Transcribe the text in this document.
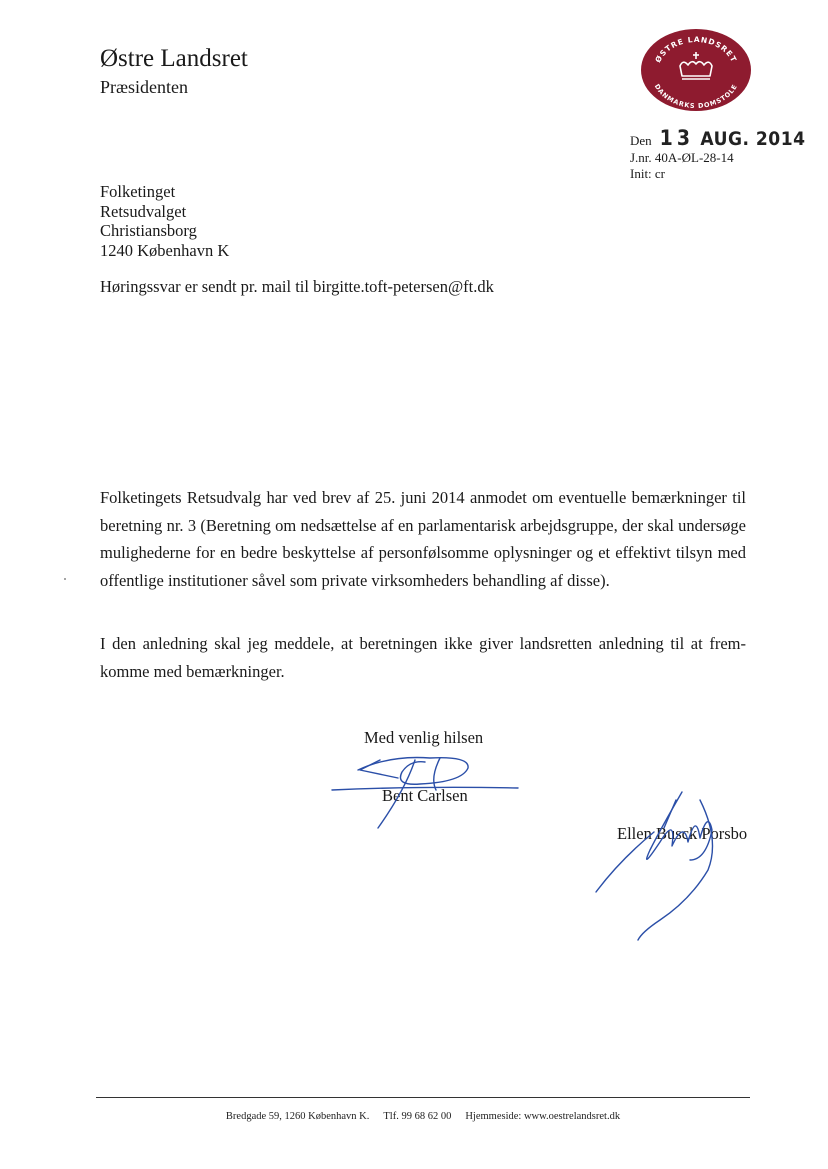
Østre Landsret
Præsidenten
ØSTRE LANDSRET
DANMARKS DOMSTOLE
Den 13 AUG. 2014
J.nr. 40A-ØL-28-14
Init: cr
Folketinget
Retsudvalget
Christiansborg
1240 København K
Høringssvar er sendt pr. mail til birgitte.toft-petersen@ft.dk
Folketingets Retsudvalg har ved brev af 25. juni 2014 anmodet om eventuelle bemærkninger til beretning nr. 3 (Beretning om nedsættelse af en parlamentarisk arbejdsgruppe, der skal undersøge mulighederne for en bedre beskyttelse af personfølsomme oplysninger og et effektivt tilsyn med offentlige institutioner såvel som private virksomheders behandling af disse).
I den anledning skal jeg meddele, at beretningen ikke giver landsretten anledning til at fremkomme med bemærkninger.
Med venlig hilsen
Bent Carlsen
Ellen Busck Porsbo
Bredgade 59, 1260 København K. Tlf. 99 68 62 00 Hjemmeside: www.oestrelandsret.dk
